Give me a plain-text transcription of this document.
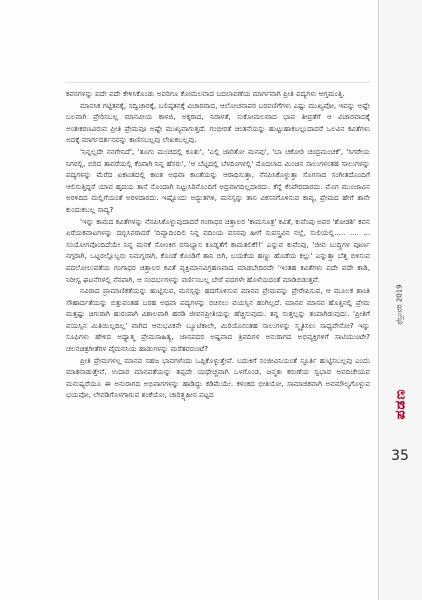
ಕವನಗಳನ್ನು ಪದೇ ಪದೇ ಕೇಳಿಸಿಕೊಂಡು ಅವರಿಗೂ ಕೋಮಲವಾದ ಬದಲಾವಣೆಯ ಮಾರ್ಗವಾಗಿ ಪ್ರೀತಿ ಪದ್ಯಗಳು ಆಗ್ತಮಂತ್ತಿ.

ಮಾನಸಿಕ ಗಟ್ಟಿತನಕ್ಕೆ, ಸದ್ವಿಚಾರಕ್ಕೆ, ಬಲಿಷ್ಠತನಕ್ಕೆ ವಿಚಾರವಾದ, ಆಲೋಚನಾಪರ ಬರವಣಿಗೆಗಳು ಎಷ್ಟು ಮುಖ್ಯವೋ, ಇವನ್ನು ಅಷ್ಟೇ ಬಲವಾಗಿ ಪ್ರೇರಿಸಬಲ್ಲ ಮಾನವೀಯ ಕಾಳಜಿ, ಅಕ್ಕರಾದ, ನಿರಾಳತೆ, ಸುಕೋಮಲವಾದ ಭಾವ ತೀವ್ರತೆಗೆ ಆ ವಿಚಾರವಾದಕ್ಕೆ ಅಂತಃಕರಣವಿರುವ ಪ್ರೀತಿ ಪ್ರೇಮವೂ ಅಷ್ಟೇ ಮುಖ್ಯವಾಗುತ್ತದೆ. ಗಂಭೀರತೆ ಚಿಂತನೆಯನ್ನು ಹುಟ್ಟುಹಾಕಬಲ್ಲುದಾದರೆ ಒಲವಿನ ಕವಿತೆಗಳು ಅದಕ್ಕೆ ಮಾರ್ಗದರ್ಶನವನ್ನು ಕಾಣಿಸಬಲ್ಲವು ಲೇಖಕಬಲ್ಲವು.

'ನಿನ್ನಲ್ಲದೇ ನನಗೇನಿದೆ', 'ತೂಗು ಮಂಚದಲ್ಲಿ ಕೂತು', 'ಎಲ್ಲಿ ಜಾರಿತೋ ಮನವು', 'ಬಾ ಚಕೋರಿ ಚಂದ್ರಮಂಚಕೆ', 'ಸಿಗರೇಯ ನಿಗರಲ್ಲಿ, ಬಿರಿದ ತಾವರೆಯಲ್ಲಿ ಕೆಂಪಾಗಿ ನಿನ್ನ ಹೆಸರು', 'ಆ ಬೆಟ್ಟದಲ್ಲಿ ಬೆಳದಿಂಗಳಲ್ಲಿ' ಮೊದಲಾದ ಮಿಂಚಿನ ಸಾಲುಗಳಂತಹ ಸಾಲುಗಳನ್ನು ಪದ್ಯಗಳನ್ನು ಮೆರೆದ ಏಕಾಂತದಲ್ಲಿ ಕಾಂತ ಅಥವಾ ಕಾಂತೆಯನ್ನು ಆರಾಧಿಸುತ್ತಾ, ನೆನಪಿಸಿಕೊಳ್ಳುತ್ತಾ ಸೊಗಸಾದ ಸಂಗೀತದೊಂದಿಗೆ ಆಲಿಸುತ್ತಿದ್ದರೆ ಯಾವ ಹೃದಯ ತಾನೆ ನೊಂದಾಗಿ ನಿಟ್ಟುಸಿರಿನೊಂದಿಗೆ ಅದ್ರವಾಗದಿಲ್ಲದಾರದು. ಕೆನ್ನೆ ಕೆಂಪೇರದಾರದು. ಮೊಗ ಮುಂಜಾವಿನ ಅರಳಿದಿದ ಮಲ್ಲಿಗೆಯಂತೆ ಅರಳದಾರದು. ಇಷ್ಟೊಂದು ಅದ್ಭುತಗಳಿ, ಮನಸ್ಸನ್ನು ತಾನಿ ವಿಕಸನಗೊಳಿಸುವ ಕಾವ್ಯ, ಪ್ರೇಮದ ಹೇಗೆ ತಾನೇ ಕುಂದುಕಬಲ್ಲ ಸಾದ್ಯ?

'ಇನ್ನು ಕಾಮದ ಕವಿತೆಗಳನ್ನು ನೆನಪಿಸಿಕೊಳ್ಳುವುದಾದರೆ ಗಂಗಾಧರ ಚಿತ್ತಾಲರ 'ಕಾಮಸೂತ್ರ' ಕವಿತೆ, ಕುವೆಂಪು ಅವರ 'ಶೋಡಶಿ' ಕವನ ಏರೆಯಕವಾಟಗಳನ್ನು ದಬ್ಬಿಸಿನರಾದರೆ 'ದಿವ್ಯಾದಿಂದಿಲಿ ನಿನ್ನ ವದಿಂಯ ವಸನವು ಹೀಗೆ ಸುವಸ್ತ್ರವಿನ ನಲ್ಲೆ, ಸುಲಿಯಲ್ಲಿ..... .... ... ಸಂಯೋಗವೊಂದಿದೆಯೇ ನಿನ್ನ ಮನಕೆ ಸೋಂಕಿಗ ರಸಾಭ್ಯಾಸ ಕೂಡ್ನತೆಗೆ ಕಾಮತಲಿಕೆ!!' ಎನ್ನುವ ಕುವೆಂಪು, 'ಜೀವ ಬುದ್ಧಿಗಳ ಪೂರ್ಣ ನಗ್ಗರಾಗಿ, ಒಟ್ಟರಲ್ಲೊಬ್ಬರು ನಿಮಗ್ನರಾಗಿ, ಕೊಂಡೆ ಕೊಂಡಿಗೆ ತಾನಿ ಬಿಗಿ, ಬಯಕೆಯ ಹಣ್ಣು ಹೊಡೆಯ ಕಲ್ಲು' ಎನ್ನುತ್ತಾ ಬೆತ್ತ ಬಿಳಿಸುವ ಪದಲೋಲುಪತೆಯ ಗಂಗಾಧರ ಚಿತ್ತಾಲರ ಕವಿತೆ ವ್ಯಕ್ತಿಮಾನವಿಗ್ರಹಣವಾದ ಮಾಡಬೇದಿರದೇ 'ಇಂತಹ ಕವಿತೆಗಳು ಪದೇ ಪದೇ ಕಾಡಿ, ನಿರೀಸ್ವ ಘಟನೆಗಳಲ್ಲಿ ನೆನಪಾಗಿ, ಆ ಸಂದರ್ಭಗಳನ್ನು ವರ್ಣಿಸಬಲ್ಲ ಬೇರೆ ಪದಗಳೇ ಹೊಳೆಯದಂತೆ ಮಾಡಿಬಿಡುತ್ತವೆ.

ನವಿರಾದ ಪ್ರಾಮಾಣಿಕತೆಯನ್ನು ಹುಟ್ಟಿಸುವ, ಮನಸ್ಸನ್ನು ಹದಗೊಳಿಸುವ ಮಾನವ ಪ್ರೇಮವನ್ನು ಪ್ರೇರೇಪಿಸುವ, ಆ ಮೂಲಕ ಶಾಂತಿ ಸೌಹಾರ್ದತೆಯನ್ನು ಬಿತ್ತುವಂತಹ ಬರಹ ಅಥವಾ ಪದ್ಯಗಳನ್ನು ರಚಿಸಲು ವಯಸ್ಸಿನ ಹಂಗಿಲ್ಲದೆ. ಮಾನವ ಮಾನವ ಹೊತ್ತಿನಲ್ಲಿ ಪ್ರೇಮ ಮತ್ತಷ್ಟು ಚಿಗುರಾಗಿ ಹುರುಪಾಗಿ ವಿಶಾಲವಾಗಿ ಹರಡಿ ಜೀವನಪ್ರೀತಿಯನ್ನು ಹೆಚ್ಚಿಸುವುದು. ತನ್ನ ಸುತ್ತಲ್ಲನ್ನು ತಂಪಾಗಿಡುವುದು. 'ಪ್ರೀತಿಗೆ ವಯಸ್ಸಿನ ಮಿತಿಯಿಲ್ಲದಿಲ್ಲ' ವಾಗಿದ ಆನುಭವಿಕನೇ ಬ್ಯೂಟಿಕಾಲೇ, ಮಿರಿಯೊನಂತಹ ಸಾಲುಗಳನ್ನು ಸ್ಮೃತಿಸಲು ಸಾಧ್ಯವೇನೋ? ಇನ್ನು ಸೂಫಿಗಳು ಹೇಳಿದ ಅಧ್ಯಾತ್ಮ ಪ್ರೇಮಸಾಹಿತ್ಯ, ಜಾನಪದರ ಅಷ್ಟವಾದ ತ್ರಿಪದಿಗಳ ಅನುರಾಗದ ಅಭಿವ್ಯಕ್ತಿಗಳಿಗೆ ಸಾಟಿಯುಂಟೇ? ಚಲನಚಿತ್ರಗೀತೆಗಳ ವೈಮನಸಿಯ ಹಾಡುಗಳನ್ನು ಮರೆತವರುಂಟೆ?

ಪ್ರೀತಿ ಪ್ರೇಮಗಳಲ್ಲ ಮಾನವ ಸಹಜ ಭಾವಗಳೆಂದು ಒಪ್ಪಿಕೊಳ್ಳುತ್ತೇವೆ. ಬದುಕಿಗೆ ಸಂಜೀವಿನಿಯಂತೆ ಸ್ಫೂರ್ತಿ ಹುಟ್ಟಿಸಬಲ್ಲವು ಎಂದು ಮಾತನಾಡುತ್ತೇವೆ. ಉದಾರ ಮಾನವತೆಯನ್ನು ತಪ್ಪದೇ ಯಥೇಚ್ಚವಾಗಿ ಒಳಗೊಂಡ, ಜನ್ಮತಃ ಕರುಣೆಯ ಸ್ವಭಾವ ಅವದಿಚೇಯವ ಮನುಷ್ಯರೆಯೂ ಈ ಅನುರಾಗದ ಅಭಿಪಾಗಗಳನ್ನು ಹಾಡಿದ್ದು ಕಡಿಮೆಯೇ. ಕಳಂಕದ ಭೀತಿಯೋ, ಸಾಮಾಜಿಕವಾಗಿ ಅವಮೌಲ್ಯಗೊಳ್ಳುವ ಭಯವೋ, ಲೇವಡಿಗೊಳಗಾಗುವ ಶಂಕೆಯೋ, ಚಾರಿತ್ರ್ಯಹೀನ ಪಟ್ಟದ

ಫೆಬ್ರುವರಿ 2019
ಪಡಣ
35
